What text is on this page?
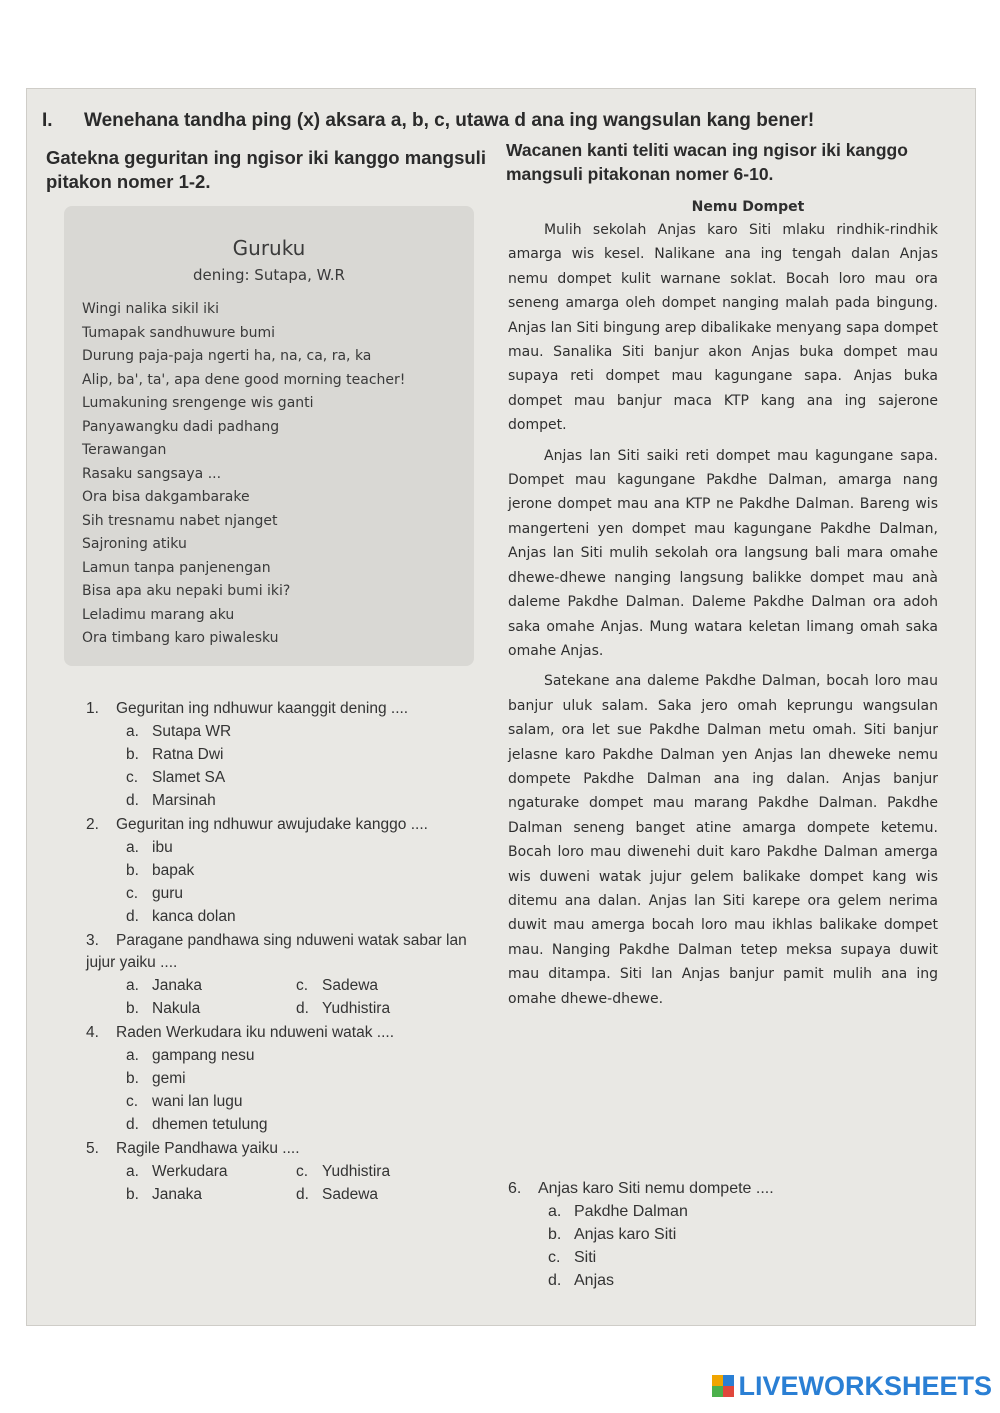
I. Wenehana tandha ping (x) aksara a, b, c, utawa d ana ing wangsulan kang bener!
Gatekna geguritan ing ngisor iki kanggo mangsuli pitakon nomer 1-2.
Wacanen kanti teliti wacan ing ngisor iki kanggo mangsuli pitakonan nomer 6-10.
Guruku
dening: Sutapa, W.R
Wingi nalika sikil iki
Tumapak sandhuwure bumi
Durung paja-paja ngerti ha, na, ca, ra, ka
Alip, ba', ta', apa dene good morning teacher!
Lumakuning srengenge wis ganti
Panyawangku dadi padhang
Terawangan
Rasaku sangsaya ...
Ora bisa dakgambarake
Sih tresnamu nabet njanget
Sajroning atiku
Lamun tanpa panjenengan
Bisa apa aku nepaki bumi iki?
Leladimu marang aku
Ora timbang karo piwalesku
1. Geguritan ing ndhuwur kaanggit dening ....
a. Sutapa WR
b. Ratna Dwi
c. Slamet SA
d. Marsinah
2. Geguritan ing ndhuwur awujudake kanggo ....
a. ibu
b. bapak
c. guru
d. kanca dolan
3. Paragane pandhawa sing nduweni watak sabar lan jujur yaiku ....
a. Janaka	c. Sadewa
b. Nakula	d. Yudhistira
4. Raden Werkudara iku nduweni watak ....
a. gampang nesu
b. gemi
c. wani lan lugu
d. dhemen tetulung
5. Ragile Pandhawa yaiku ....
a. Werkudara	c. Yudhistira
b. Janaka	d. Sadewa
Nemu Dompet

Mulih sekolah Anjas karo Siti mlaku rindhik-rindhik amarga wis kesel. Nalikane ana ing tengah dalan Anjas nemu dompet kulit warnane soklat. Bocah loro mau ora seneng amarga oleh dompet nanging malah pada bingung. Anjas lan Siti bingung arep dibalikake menyang sapa dompet mau. Sanalika Siti banjur akon Anjas buka dompet mau supaya reti dompet mau kagungane sapa. Anjas buka dompet mau banjur maca KTP kang ana ing sajerone dompet.

Anjas lan Siti saiki reti dompet mau kagungane sapa. Dompet mau kagungane Pakdhe Dalman, amarga nang jerone dompet mau ana KTP ne Pakdhe Dalman. Bareng wis mangerteni yen dompet mau kagungane Pakdhe Dalman, Anjas lan Siti mulih sekolah ora langsung bali mara omahe dhewe-dhewe nanging langsung balikke dompet mau anà daleme Pakdhe Dalman. Daleme Pakdhe Dalman ora adoh saka omahe Anjas. Mung watara keletan limang omah saka omahe Anjas.

Satekane ana daleme Pakdhe Dalman, bocah loro mau banjur uluk salam. Saka jero omah keprungu wangsulan salam, ora let sue Pakdhe Dalman metu omah. Siti banjur jelasne karo Pakdhe Dalman yen Anjas lan dheweke nemu dompete Pakdhe Dalman ana ing dalan. Anjas banjur ngaturake dompet mau marang Pakdhe Dalman. Pakdhe Dalman seneng banget atine amarga dompete ketemu. Bocah loro mau diwenehi duit karo Pakdhe Dalman amerga wis duweni watak jujur gelem balikake dompet kang wis ditemu ana dalan. Anjas lan Siti karepe ora gelem nerima duwit mau amerga bocah loro mau ikhlas balikake dompet mau. Nanging Pakdhe Dalman tetep meksa supaya duwit mau ditampa. Siti lan Anjas banjur pamit mulih ana ing omahe dhewe-dhewe.

6. Anjas karo Siti nemu dompete ....
a. Pakdhe Dalman
b. Anjas karo Siti
c. Siti
d. Anjas
LIVEWORKSHEETS
